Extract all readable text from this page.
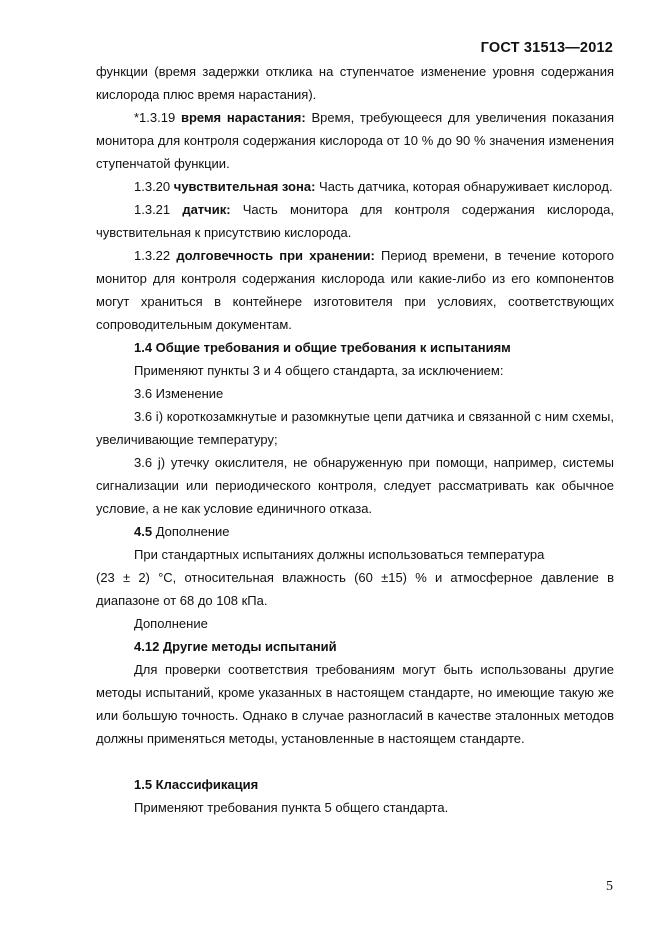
ГОСТ 31513—2012

функции (время задержки отклика на ступенчатое изменение уровня содержания кислорода плюс время нарастания).

*1.3.19 время нарастания: Время, требующееся для увеличения показания монитора для контроля содержания кислорода от 10 % до 90 % значения изменения ступенчатой функции.

1.3.20 чувствительная зона: Часть датчика, которая обнаруживает кислород.

1.3.21 датчик: Часть монитора для контроля содержания кислорода, чувствительная к присутствию кислорода.

1.3.22 долговечность при хранении: Период времени, в течение которого монитор для контроля содержания кислорода или какие-либо из его компонентов могут храниться в контейнере изготовителя при условиях, соответствующих сопроводительным документам.

1.4 Общие требования и общие требования к испытаниям

Применяют пункты 3 и 4 общего стандарта, за исключением:

3.6 Изменение

3.6 i) короткозамкнутые и разомкнутые цепи датчика и связанной с ним схемы, увеличивающие температуру;

3.6 j) утечку окислителя, не обнаруженную при помощи, например, системы сигнализации или периодического контроля, следует рассматривать как обычное условие, а не как условие единичного отказа.

4.5 Дополнение

При стандартных испытаниях должны использоваться температура

(23 ± 2) °C, относительная влажность (60 ±15) % и атмосферное давление в диапазоне от 68 до 108 кПа.

Дополнение

4.12 Другие методы испытаний

Для проверки соответствия требованиям могут быть использованы другие методы испытаний, кроме указанных в настоящем стандарте, но имеющие такую же или большую точность. Однако в случае разногласий в качестве эталонных методов должны применяться методы, установленные в настоящем стандарте.

1.5 Классификация

Применяют требования пункта 5 общего стандарта.

5
